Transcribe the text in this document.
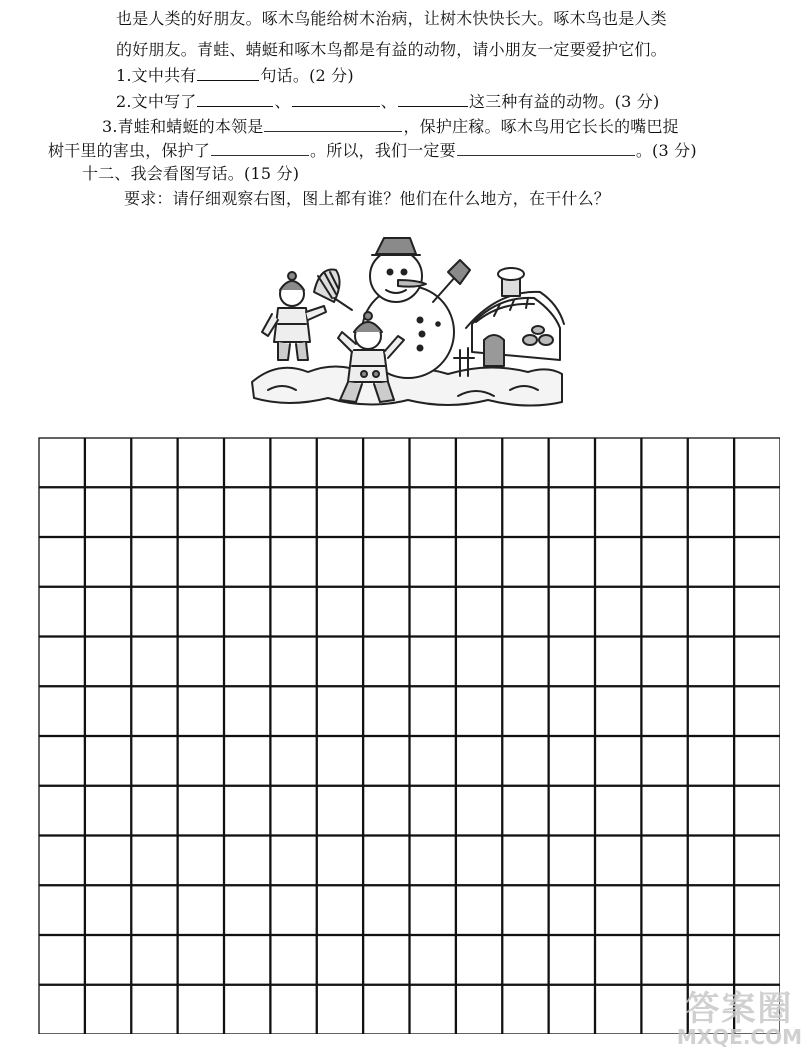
也是人类的好朋友。啄木鸟能给树木治病，让树木快快长大。啄木鸟也是人类
的好朋友。青蛙、蜻蜓和啄木鸟都是有益的动物，请小朋友一定要爱护它们。
1.文中共有	句话。(2 分)
2.文中写了	、	、	这三种有益的动物。(3 分)
3.青蛙和蜻蜓的本领是	，保护庄稼。啄木鸟用它长长的嘴巴捉
树干里的害虫，保护了	。所以，我们一定要	。(3 分)
十二、我会看图写话。(15 分)
要求：请仔细观察右图，图上都有谁？他们在什么地方，在干什么？
答案圈
MXQE.COM
